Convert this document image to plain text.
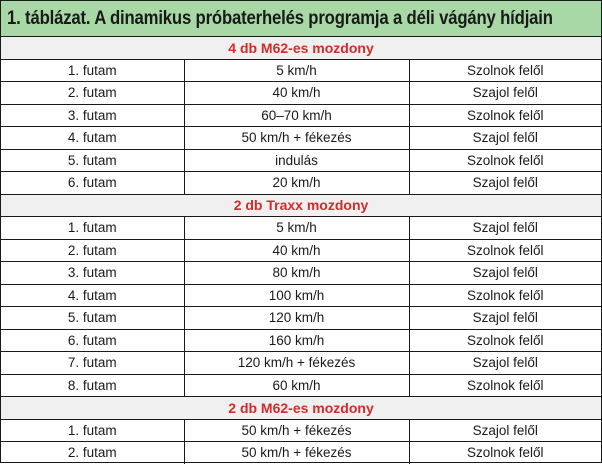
1. táblázat. A dinamikus próbaterhelés programja a déli vágány hídjain
4 db M62-es mozdony		
1. futam	5 km/h	Szolnok felől
2. futam	40 km/h	Szajol felől
3. futam	60–70 km/h	Szolnok felől
4. futam	50 km/h + fékezés	Szajol felől
5. futam	indulás	Szolnok felől
6. futam	20 km/h	Szajol felől
2 db Traxx mozdony		
1. futam	5 km/h	Szajol felől
2. futam	40 km/h	Szolnok felől
3. futam	80 km/h	Szajol felől
4. futam	100 km/h	Szolnok felől
5. futam	120 km/h	Szajol felől
6. futam	160 km/h	Szolnok felől
7. futam	120 km/h + fékezés	Szajol felől
8. futam	60 km/h	Szolnok felől
2 db M62-es mozdony		
1. futam	50 km/h + fékezés	Szajol felől
2. futam	50 km/h + fékezés	Szolnok felől
